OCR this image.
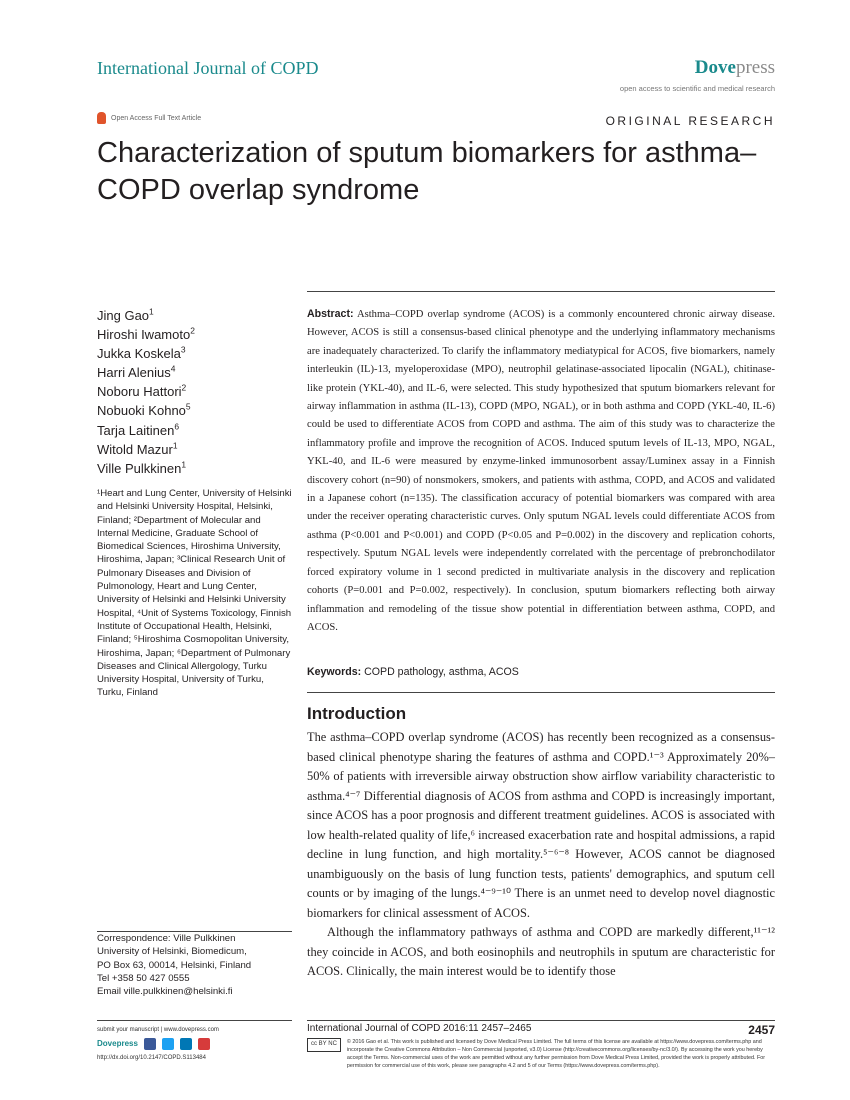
International Journal of COPD	Dovepress
open access to scientific and medical research
Open Access Full Text Article	ORIGINAL RESEARCH
Characterization of sputum biomarkers for asthma–COPD overlap syndrome
Jing Gao$^1$
Hiroshi Iwamoto$^2$
Jukka Koskela$^3$
Harri Alenius$^4$
Noboru Hattori$^2$
Nobuoki Kohno$^5$
Tarja Laitinen$^6$
Witold Mazur$^1$
Ville Pulkkinen$^1$
¹Heart and Lung Center, University of Helsinki and Helsinki University Hospital, Helsinki, Finland; ²Department of Molecular and Internal Medicine, Graduate School of Biomedical Sciences, Hiroshima University, Hiroshima, Japan; ³Clinical Research Unit of Pulmonary Diseases and Division of Pulmonology, Heart and Lung Center, University of Helsinki and Helsinki University Hospital, ⁴Unit of Systems Toxicology, Finnish Institute of Occupational Health, Helsinki, Finland; ⁵Hiroshima Cosmopolitan University, Hiroshima, Japan; ⁶Department of Pulmonary Diseases and Clinical Allergology, Turku University Hospital, University of Turku, Turku, Finland
Correspondence: Ville Pulkkinen
University of Helsinki, Biomedicum,
PO Box 63, 00014, Helsinki, Finland
Tel +358 50 427 0555
Email ville.pulkkinen@helsinki.fi
Abstract: Asthma–COPD overlap syndrome (ACOS) is a commonly encountered chronic airway disease. However, ACOS is still a consensus-based clinical phenotype and the underlying inflammatory mechanisms are inadequately characterized. To clarify the inflammatory mediatypical for ACOS, five biomarkers, namely interleukin (IL)-13, myeloperoxidase (MPO), neutrophil gelatinase-associated lipocalin (NGAL), chitinase-like protein (YKL-40), and IL-6, were selected. This study hypothesized that sputum biomarkers relevant for airway inflammation in asthma (IL-13), COPD (MPO, NGAL), or in both asthma and COPD (YKL-40, IL-6) could be used to differentiate ACOS from COPD and asthma. The aim of this study was to characterize the inflammatory profile and improve the recognition of ACOS. Induced sputum levels of IL-13, MPO, NGAL, YKL-40, and IL-6 were measured by enzyme-linked immunosorbent assay/Luminex assay in a Finnish discovery cohort (n=90) of nonsmokers, smokers, and patients with asthma, COPD, and ACOS and validated in a Japanese cohort (n=135). The classification accuracy of potential biomarkers was compared with area under the receiver operating characteristic curves. Only sputum NGAL levels could differentiate ACOS from asthma (P<0.001 and P<0.001) and COPD (P<0.05 and P=0.002) in the discovery and replication cohorts, respectively. Sputum NGAL levels were independently correlated with the percentage of prebronchodilator forced expiratory volume in 1 second predicted in multivariate analysis in the discovery and replication cohorts (P=0.001 and P=0.002, respectively). In conclusion, sputum biomarkers reflecting both airway inflammation and remodeling of the tissue show potential in differentiation between asthma, COPD, and ACOS.
Keywords: COPD pathology, asthma, ACOS
Introduction

The asthma–COPD overlap syndrome (ACOS) has recently been recognized as a consensus-based clinical phenotype sharing the features of asthma and COPD.¹⁻³ Approximately 20%–50% of patients with irreversible airway obstruction show airflow variability characteristic to asthma.⁴⁻⁷ Differential diagnosis of ACOS from asthma and COPD is increasingly important, since ACOS has a poor prognosis and different treatment guidelines. ACOS is associated with low health-related quality of life,⁶ increased exacerbation rate and hospital admissions, a rapid decline in lung function, and high mortality.⁵⁻⁶⁻⁸ However, ACOS cannot be diagnosed unambiguously on the basis of lung function tests, patients' demographics, and sputum cell counts or by imaging of the lungs.⁴⁻⁹⁻¹⁰ There is an unmet need to develop novel diagnostic biomarkers for clinical assessment of ACOS.

Although the inflammatory pathways of asthma and COPD are markedly different,¹¹⁻¹² they coincide in ACOS, and both eosinophils and neutrophils in sputum are characteristic for ACOS. Clinically, the main interest would be to identify those

submit your manuscript | www.dovepress.com
Dovepress
http://dx.doi.org/10.2147/COPD.S113484
International Journal of COPD 2016:11 2457–2465	2457
cc BY NC	© 2016 Gao et al. This work is published and licensed by Dove Medical Press Limited. The full terms of this license are available at https://www.dovepress.com/terms.php and incorporate the Creative Commons Attribution – Non Commercial (unported, v3.0) License (http://creativecommons.org/licenses/by-nc/3.0/). By accessing the work you hereby accept the Terms. Non-commercial uses of the work are permitted without any further permission from Dove Medical Press Limited, provided the work is properly attributed. For permission for commercial use of this work, please see paragraphs 4.2 and 5 of our Terms (https://www.dovepress.com/terms.php).
